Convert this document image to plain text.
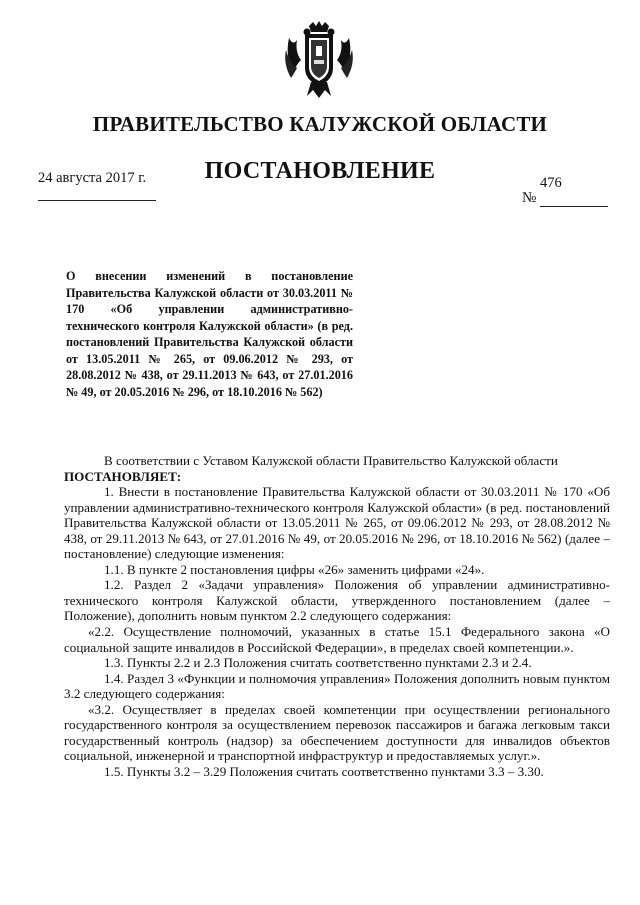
ПРАВИТЕЛЬСТВО КАЛУЖСКОЙ ОБЛАСТИ
24 августа 2017 г.	ПОСТАНОВЛЕНИЕ	476
№
О внесении изменений в постановление Правительства Калужской области от 30.03.2011 № 170 «Об управлении административно-технического контроля Калужской области» (в ред. постановлений Правительства Калужской области от 13.05.2011 № 265, от 09.06.2012 № 293, от 28.08.2012 № 438, от 29.11.2013 № 643, от 27.01.2016 № 49, от 20.05.2016 № 296, от 18.10.2016 № 562)

В соответствии с Уставом Калужской области Правительство Калужской области

ПОСТАНОВЛЯЕТ:

1. Внести в постановление Правительства Калужской области от 30.03.2011 № 170 «Об управлении административно-технического контроля Калужской области» (в ред. постановлений Правительства Калужской области от 13.05.2011 № 265, от 09.06.2012 № 293, от 28.08.2012 № 438, от 29.11.2013 № 643, от 27.01.2016 № 49, от 20.05.2016 № 296, от 18.10.2016 № 562) (далее – постановление) следующие изменения:

1.1. В пункте 2 постановления цифры «26» заменить цифрами «24».

1.2. Раздел 2 «Задачи управления» Положения об управлении административно-технического контроля Калужской области, утвержденного постановлением (далее – Положение), дополнить новым пунктом 2.2 следующего содержания:

«2.2. Осуществление полномочий, указанных в статье 15.1 Федерального закона «О социальной защите инвалидов в Российской Федерации», в пределах своей компетенции.».

1.3. Пункты 2.2 и 2.3 Положения считать соответственно пунктами 2.3 и 2.4.

1.4. Раздел 3 «Функции и полномочия управления» Положения дополнить новым пунктом 3.2 следующего содержания:

«3.2. Осуществляет в пределах своей компетенции при осуществлении регионального государственного контроля за осуществлением перевозок пассажиров и багажа легковым такси государственный контроль (надзор) за обеспечением доступности для инвалидов объектов социальной, инженерной и транспортной инфраструктур и предоставляемых услуг.».

1.5. Пункты 3.2 – 3.29 Положения считать соответственно пунктами 3.3 – 3.30.
